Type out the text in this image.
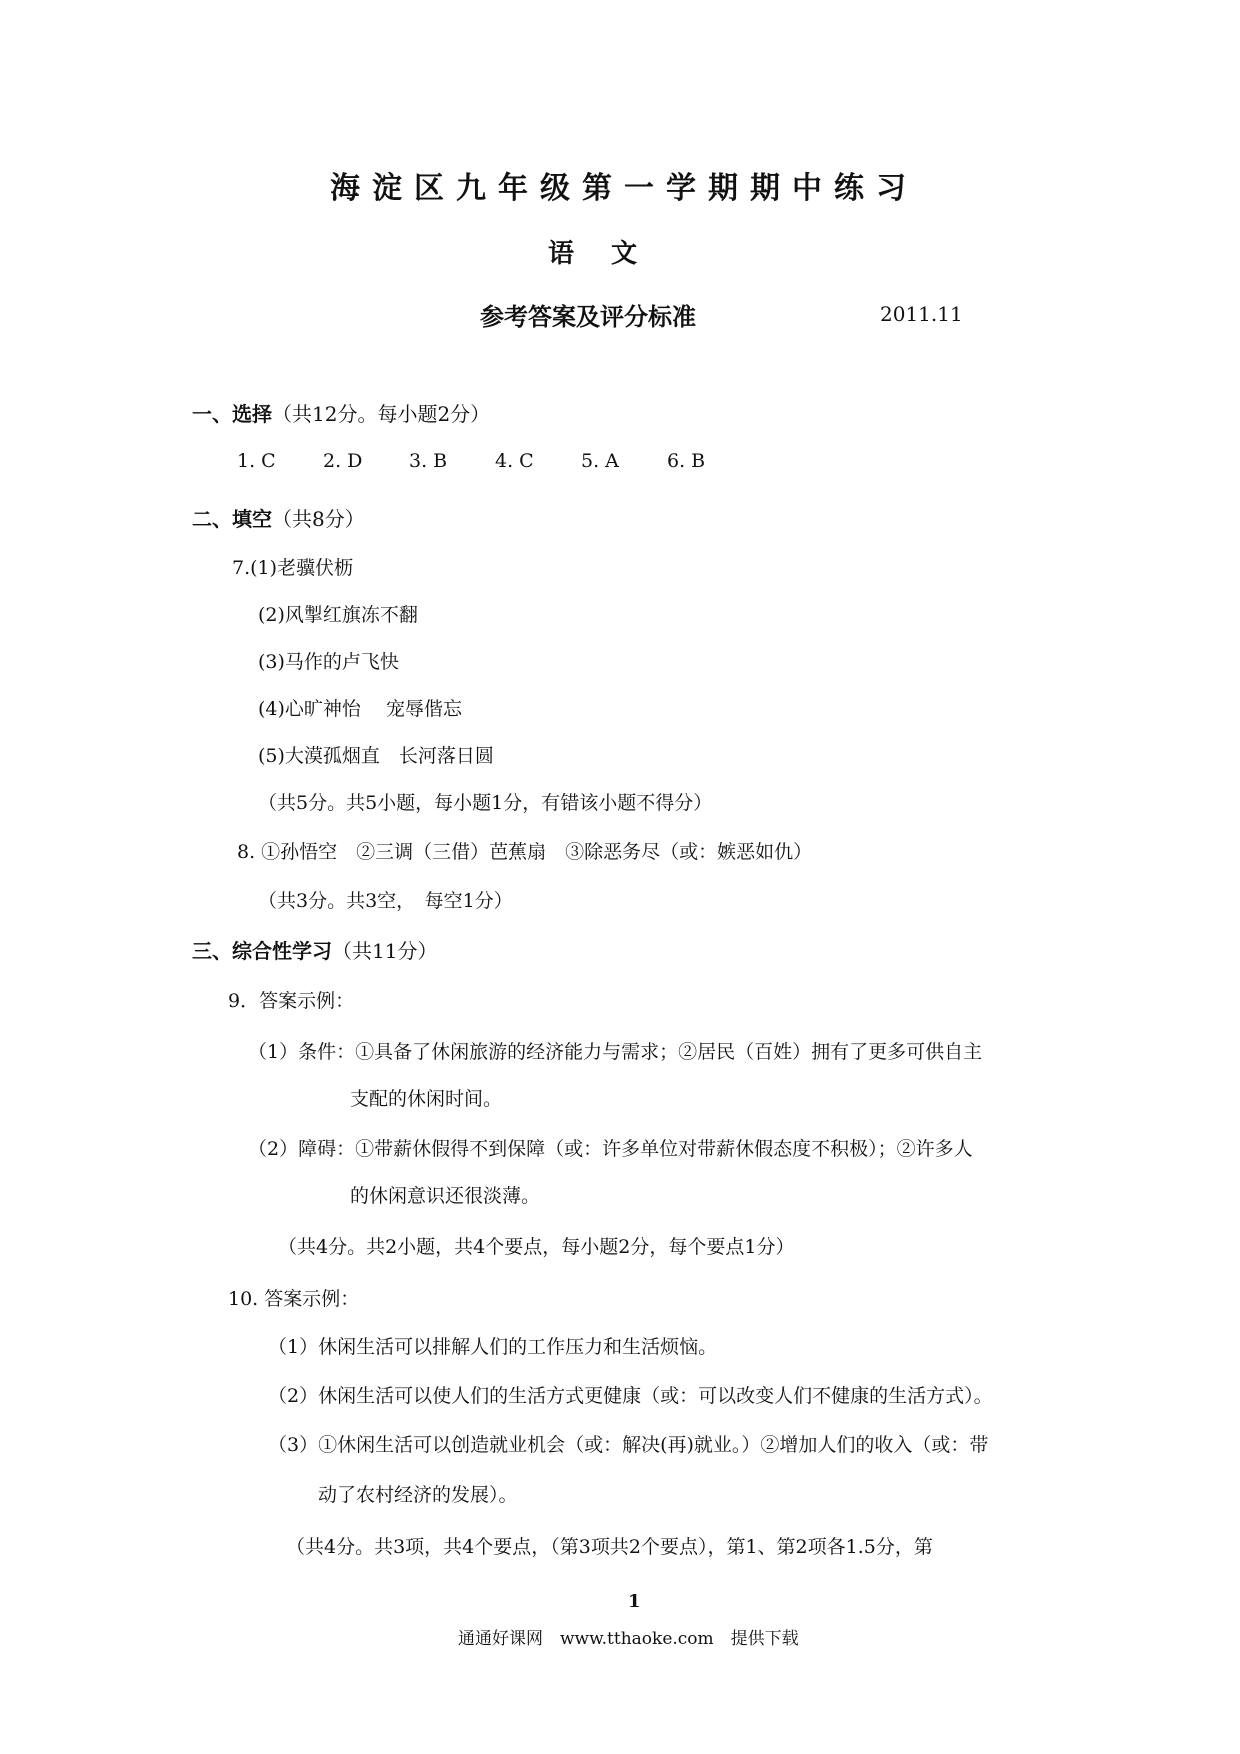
海淀区九年级第一学期期中练习
语 文
参考答案及评分标准	2011.11
一、选择（共12分。每小题2分）
1. C 2. D 3. B	4. C 5. A	6. B
二、填空（共8分）
7.(1)老骥伏枥
(2)风掣红旗冻不翻
(3)马作的卢飞快
(4)心旷神怡　 宠辱偕忘
(5)大漠孤烟直　长河落日圆
（共5分。共5小题，每小题1分，有错该小题不得分）
8. ①孙悟空　②三调（三借）芭蕉扇　③除恶务尽（或：嫉恶如仇）
（共3分。共3空，　每空1分）
三、综合性学习（共11分）
9．答案示例：
（1）条件：①具备了休闲旅游的经济能力与需求；②居民（百姓）拥有了更多可供自主
支配的休闲时间。
（2）障碍：①带薪休假得不到保障（或：许多单位对带薪休假态度不积极）；②许多人
的休闲意识还很淡薄。
（共4分。共2小题，共4个要点，每小题2分，每个要点1分）
10. 答案示例：
（1）休闲生活可以排解人们的工作压力和生活烦恼。
（2）休闲生活可以使人们的生活方式更健康（或：可以改变人们不健康的生活方式）。
（3）①休闲生活可以创造就业机会（或：解决(再)就业。）②增加人们的收入（或：带
动了农村经济的发展）。
（共4分。共3项，共4个要点，（第3项共2个要点），第1、第2项各1.5分，第
1
通通好课网　www.tthaoke.com　提供下载
